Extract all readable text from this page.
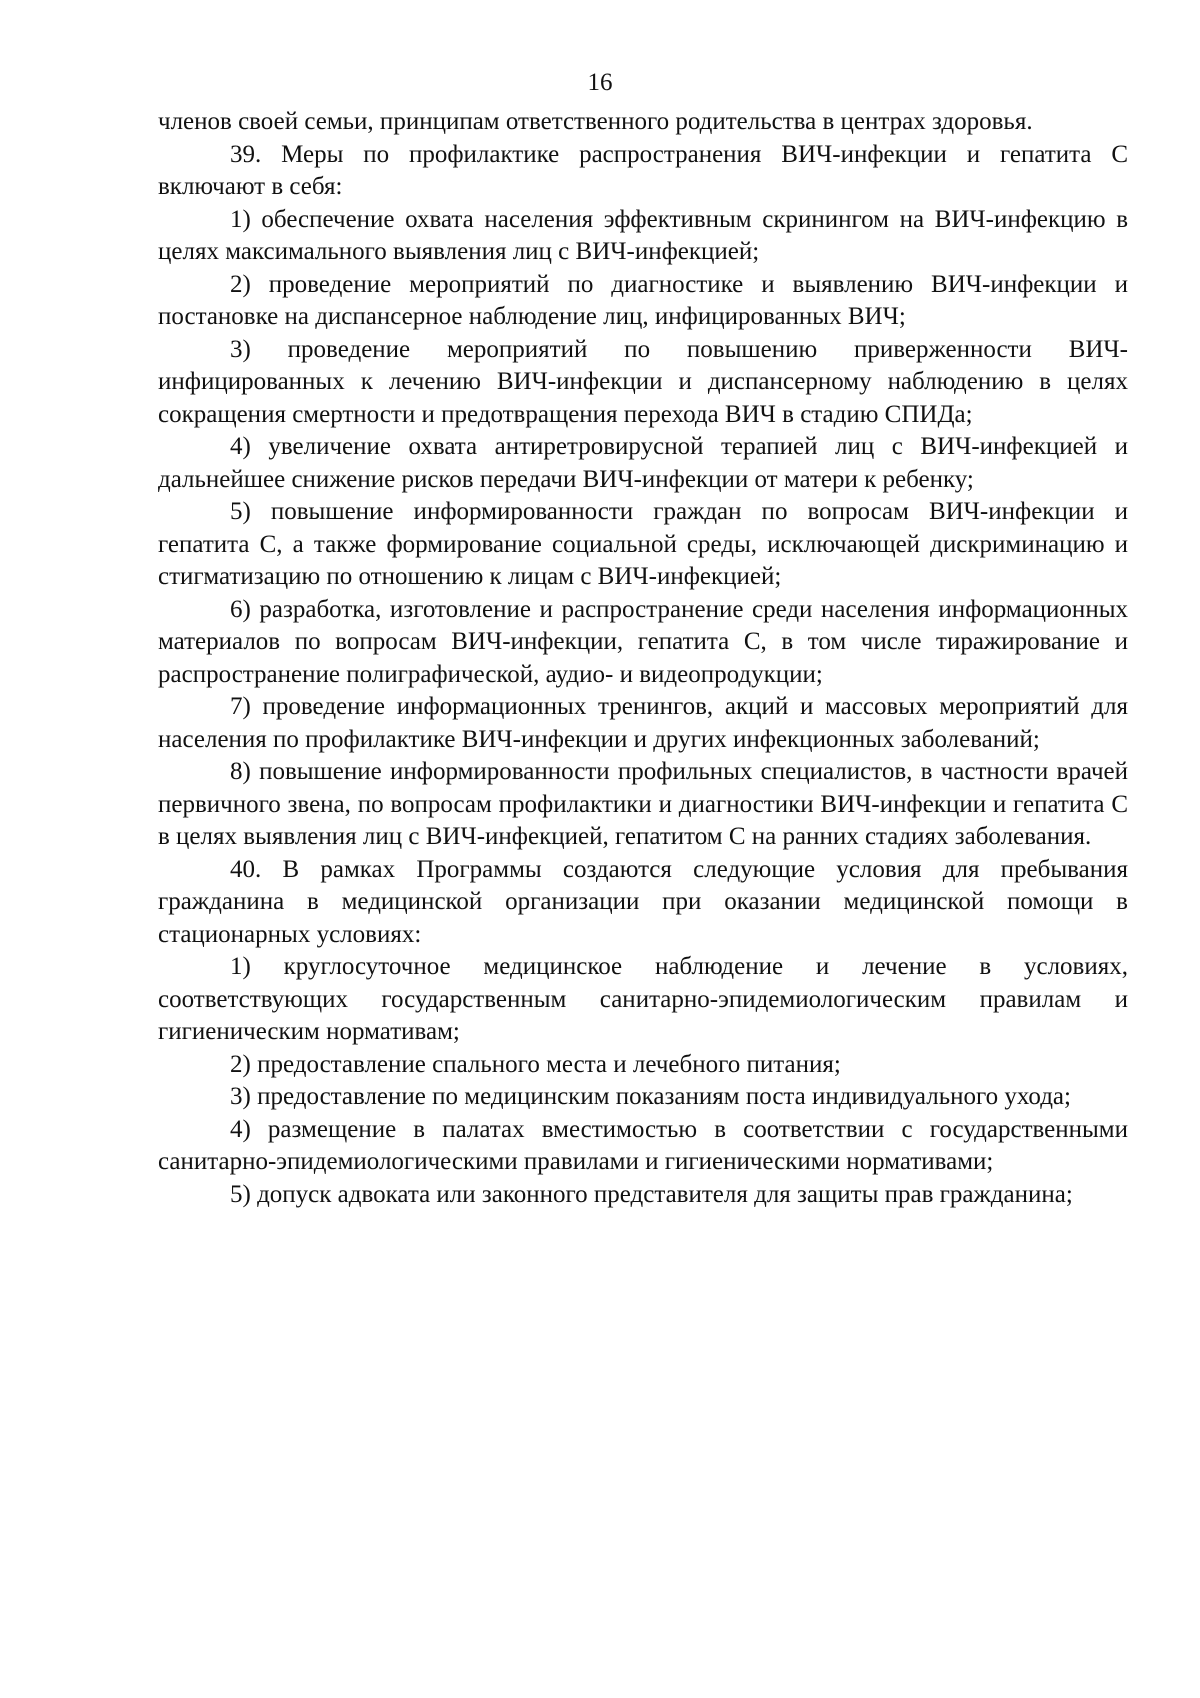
16

членов своей семьи, принципам ответственного родительства в центрах здоровья.

39. Меры по профилактике распространения ВИЧ-инфекции и гепатита С включают в себя:

1) обеспечение охвата населения эффективным скринингом на ВИЧ-инфекцию в целях максимального выявления лиц с ВИЧ-инфекцией;

2) проведение мероприятий по диагностике и выявлению ВИЧ-инфекции и постановке на диспансерное наблюдение лиц, инфицированных ВИЧ;

3) проведение мероприятий по повышению приверженности ВИЧ-инфицированных к лечению ВИЧ-инфекции и диспансерному наблюдению в целях сокращения смертности и предотвращения перехода ВИЧ в стадию СПИДа;

4) увеличение охвата антиретровирусной терапией лиц с ВИЧ-инфекцией и дальнейшее снижение рисков передачи ВИЧ-инфекции от матери к ребенку;

5) повышение информированности граждан по вопросам ВИЧ-инфекции и гепатита С, а также формирование социальной среды, исключающей дискриминацию и стигматизацию по отношению к лицам с ВИЧ-инфекцией;

6) разработка, изготовление и распространение среди населения информационных материалов по вопросам ВИЧ-инфекции, гепатита С, в том числе тиражирование и распространение полиграфической, аудио- и видеопродукции;

7) проведение информационных тренингов, акций и массовых мероприятий для населения по профилактике ВИЧ-инфекции и других инфекционных заболеваний;

8) повышение информированности профильных специалистов, в частности врачей первичного звена, по вопросам профилактики и диагностики ВИЧ-инфекции и гепатита С в целях выявления лиц с ВИЧ-инфекцией, гепатитом С на ранних стадиях заболевания.

40. В рамках Программы создаются следующие условия для пребывания гражданина в медицинской организации при оказании медицинской помощи в стационарных условиях:

1) круглосуточное медицинское наблюдение и лечение в условиях, соответствующих государственным санитарно-эпидемиологическим правилам и гигиеническим нормативам;

2) предоставление спального места и лечебного питания;

3) предоставление по медицинским показаниям поста индивидуального ухода;

4) размещение в палатах вместимостью в соответствии с государственными санитарно-эпидемиологическими правилами и гигиеническими нормативами;

5) допуск адвоката или законного представителя для защиты прав гражданина;
